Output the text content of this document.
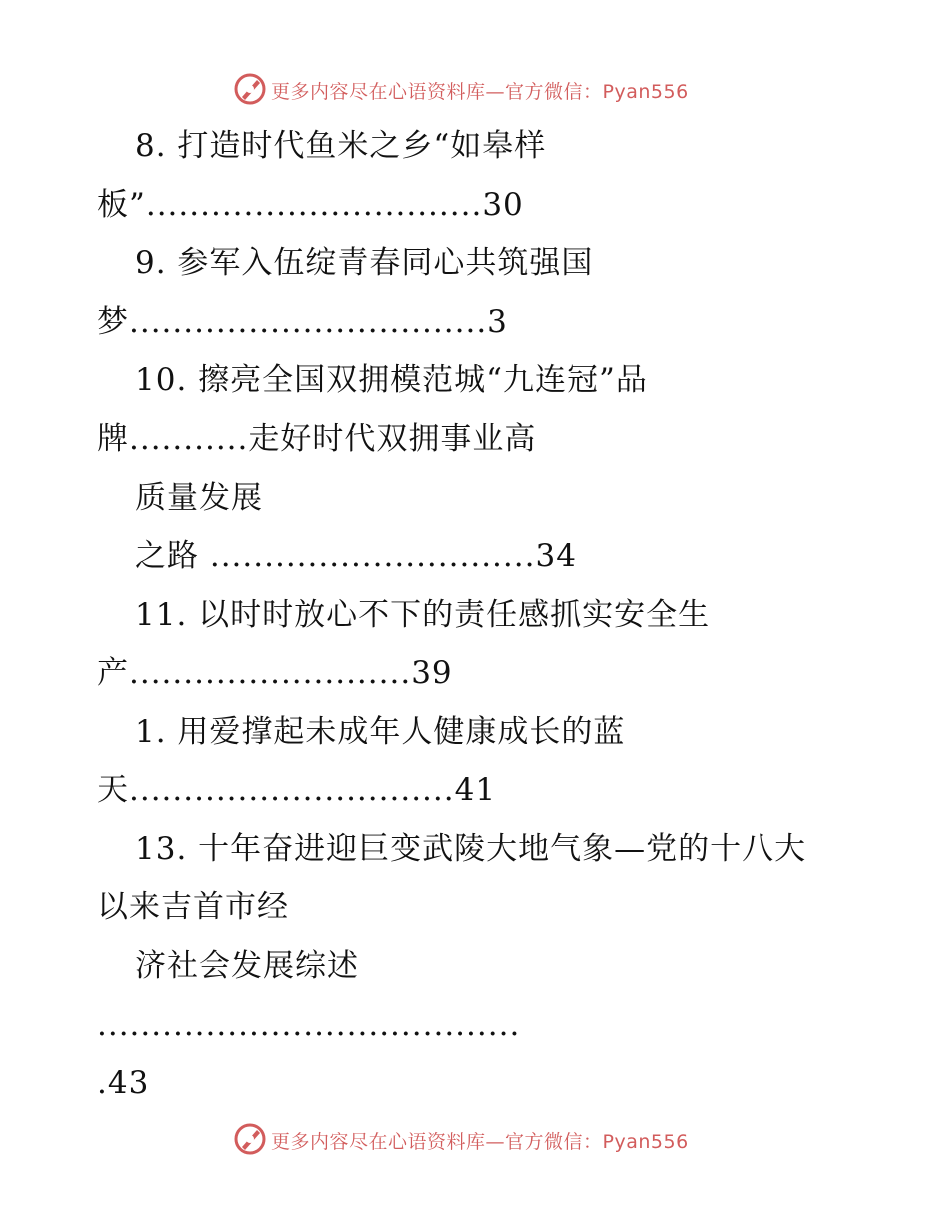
更多内容尽在心语资料库—官方微信：Pyan556
8. 打造时代鱼米之乡“如皋样
板”...............................30
9. 参军入伍绽青春同心共筑强国
梦.................................3
10. 擦亮全国双拥模范城“九连冠”品
牌...........走好时代双拥事业高
质量发展
之路 ..............................34
11. 以时时放心不下的责任感抓实安全生
产..........................39
1. 用爱撑起未成年人健康成长的蓝
天..............................41
13. 十年奋进迎巨变武陵大地气象—党的十八大
以来吉首市经
济社会发展综述
.......................................
.43
更多内容尽在心语资料库—官方微信：Pyan556
